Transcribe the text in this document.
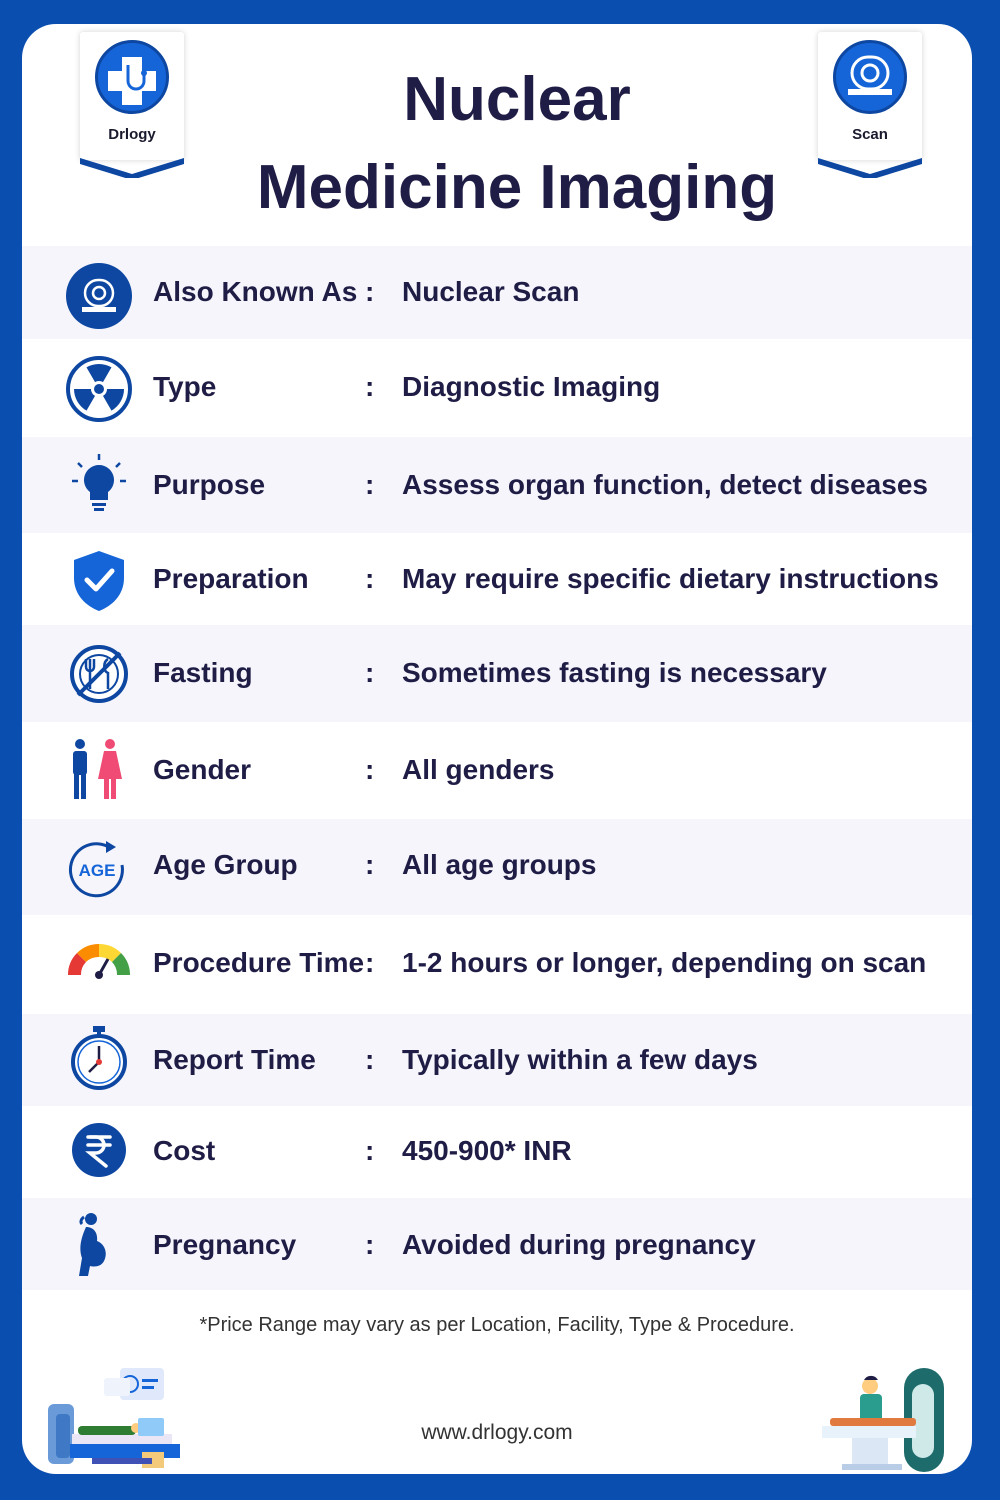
Drlogy	Scan
Nuclear
Medicine Imaging
Also Known As : Nuclear Scan
Type	: Diagnostic Imaging
Purpose	: Assess organ function, detect diseases
Preparation : May require specific dietary instructions
Fasting	: Sometimes fasting is necessary
Gender	: All genders
AGE Age Group : All age groups
Procedure Time : 1-2 hours or longer, depending on scan
Report Time : Typically within a few days
Cost	: 450-900* INR
Pregnancy : Avoided during pregnancy
*Price Range may vary as per Location, Facility, Type & Procedure.
www.drlogy.com
